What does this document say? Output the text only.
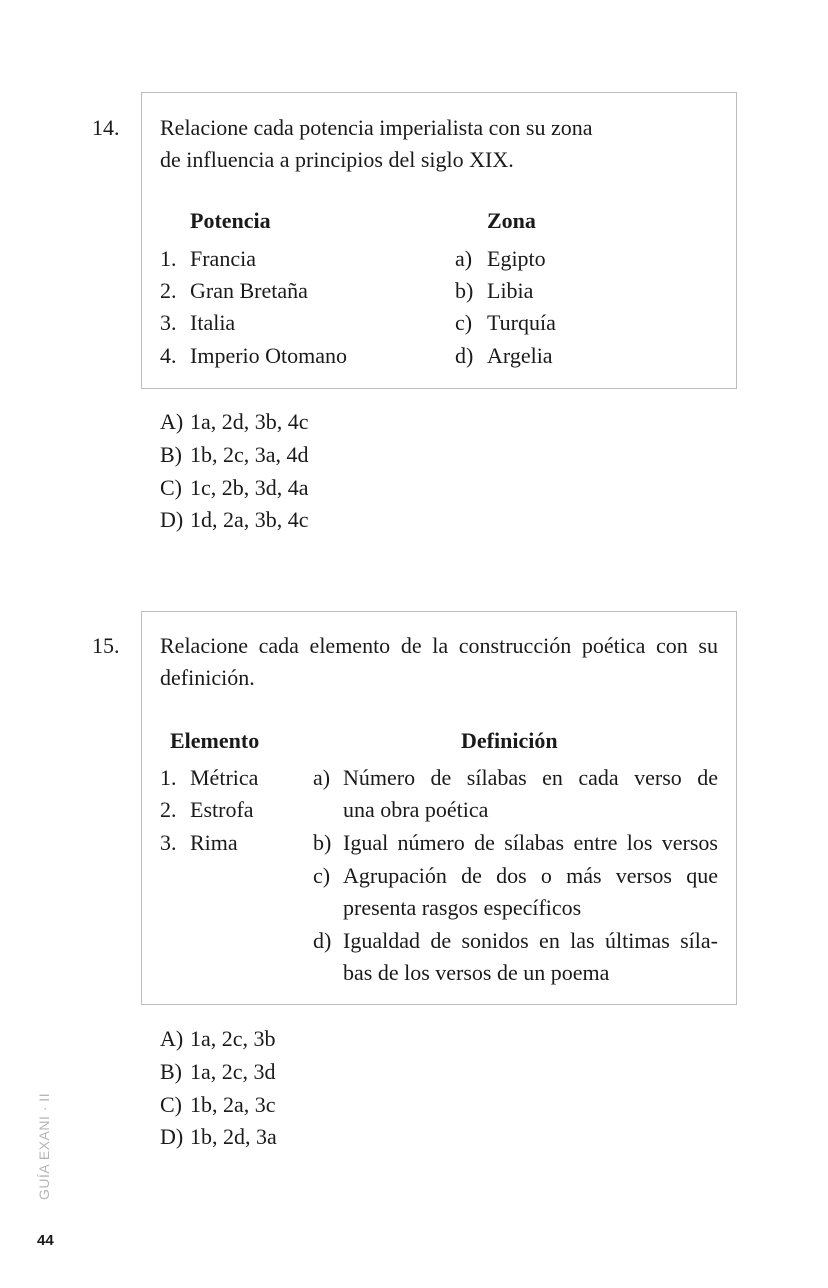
14. Relacione cada potencia imperialista con su zona
de influencia a principios del siglo XIX.
Potencia	Zona
1. Francia
2. Gran Bretaña
3. Italia
4. Imperio Otomano
a) Egipto
b) Libia
c) Turquía
d) Argelia
A) 1a, 2d, 3b, 4c
B) 1b, 2c, 3a, 4d
C) 1c, 2b, 3d, 4a
D) 1d, 2a, 3b, 4c
15. Relacione cada elemento de la construcción poética con su
definición.
Elemento	Definición
1. Métrica
2. Estrofa
3. Rima
a) Número de sílabas en cada verso de
una obra poética
b) Igual número de sílabas entre los versos
c) Agrupación de dos o más versos que
presenta rasgos específicos
d) Igualdad de sonidos en las últimas síla-
bas de los versos de un poema
A) 1a, 2c, 3b
B) 1a, 2c, 3d
C) 1b, 2a, 3c
D) 1b, 2d, 3a
GUÍA EXANI · II
44
